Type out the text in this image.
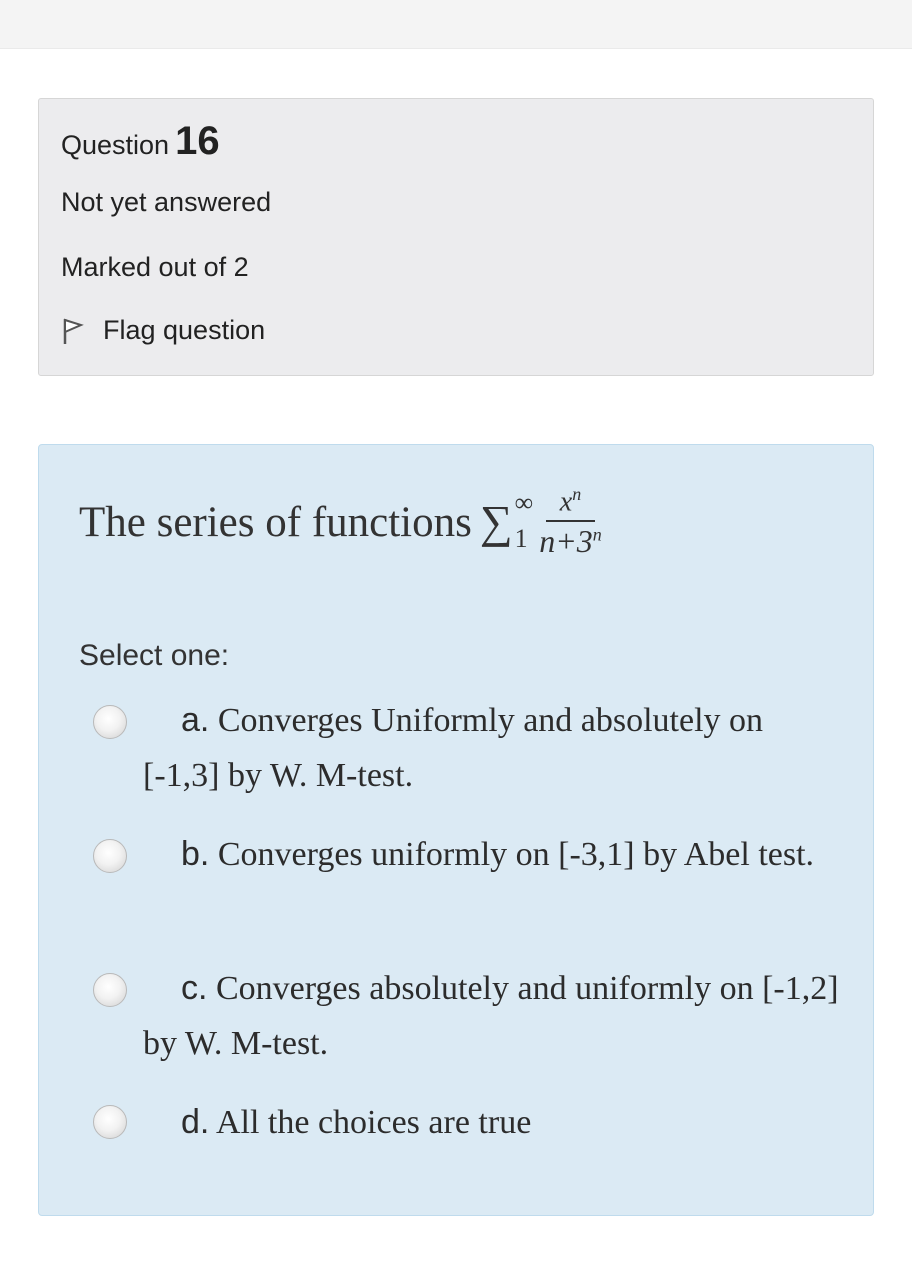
Question 16
Not yet answered
Marked out of 2
Flag question
The series of functions ∑ ∞
$1 \frac{x^n}{n+3^n}$
Select one:
a. Converges Uniformly and absolutely on [-1,3] by W. M-test.
b. Converges uniformly on [-3,1] by Abel test.
c. Converges absolutely and uniformly on [-1,2] by W. M-test.
d. All the choices are true
